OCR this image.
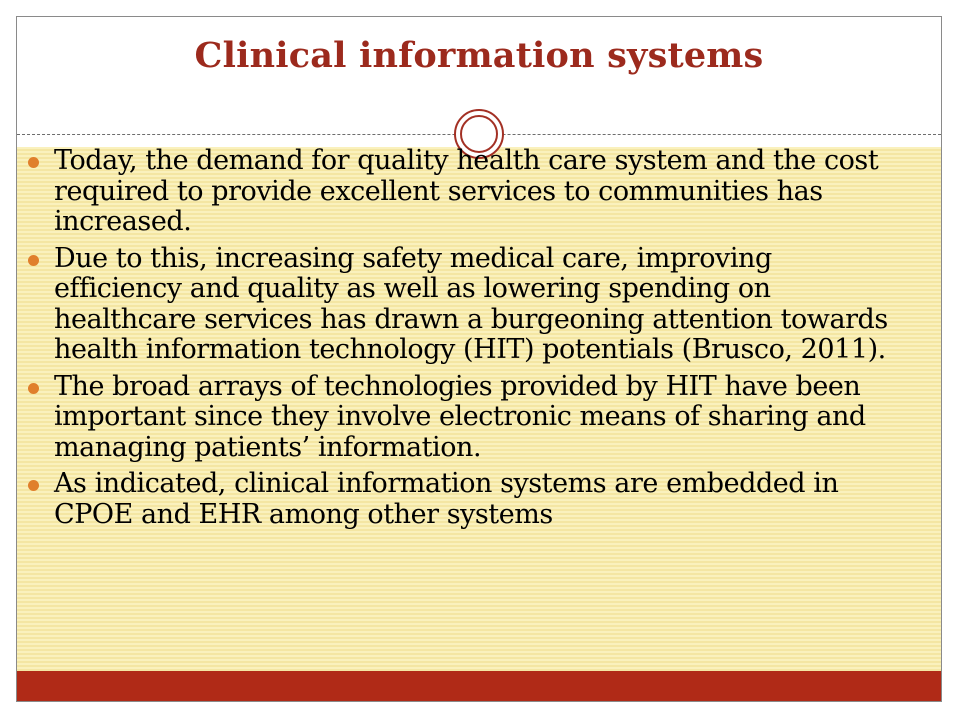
Clinical information systems
Today, the demand for quality health care system and the cost required to provide excellent services to communities has increased.
Due to this, increasing safety medical care, improving efficiency and quality as well as lowering spending on healthcare services has drawn a burgeoning attention towards health information technology (HIT) potentials (Brusco, 2011).
The broad arrays of technologies provided by HIT have been important since they involve electronic means of sharing and managing patients’ information.
As indicated, clinical information systems are embedded in CPOE and EHR among other systems
